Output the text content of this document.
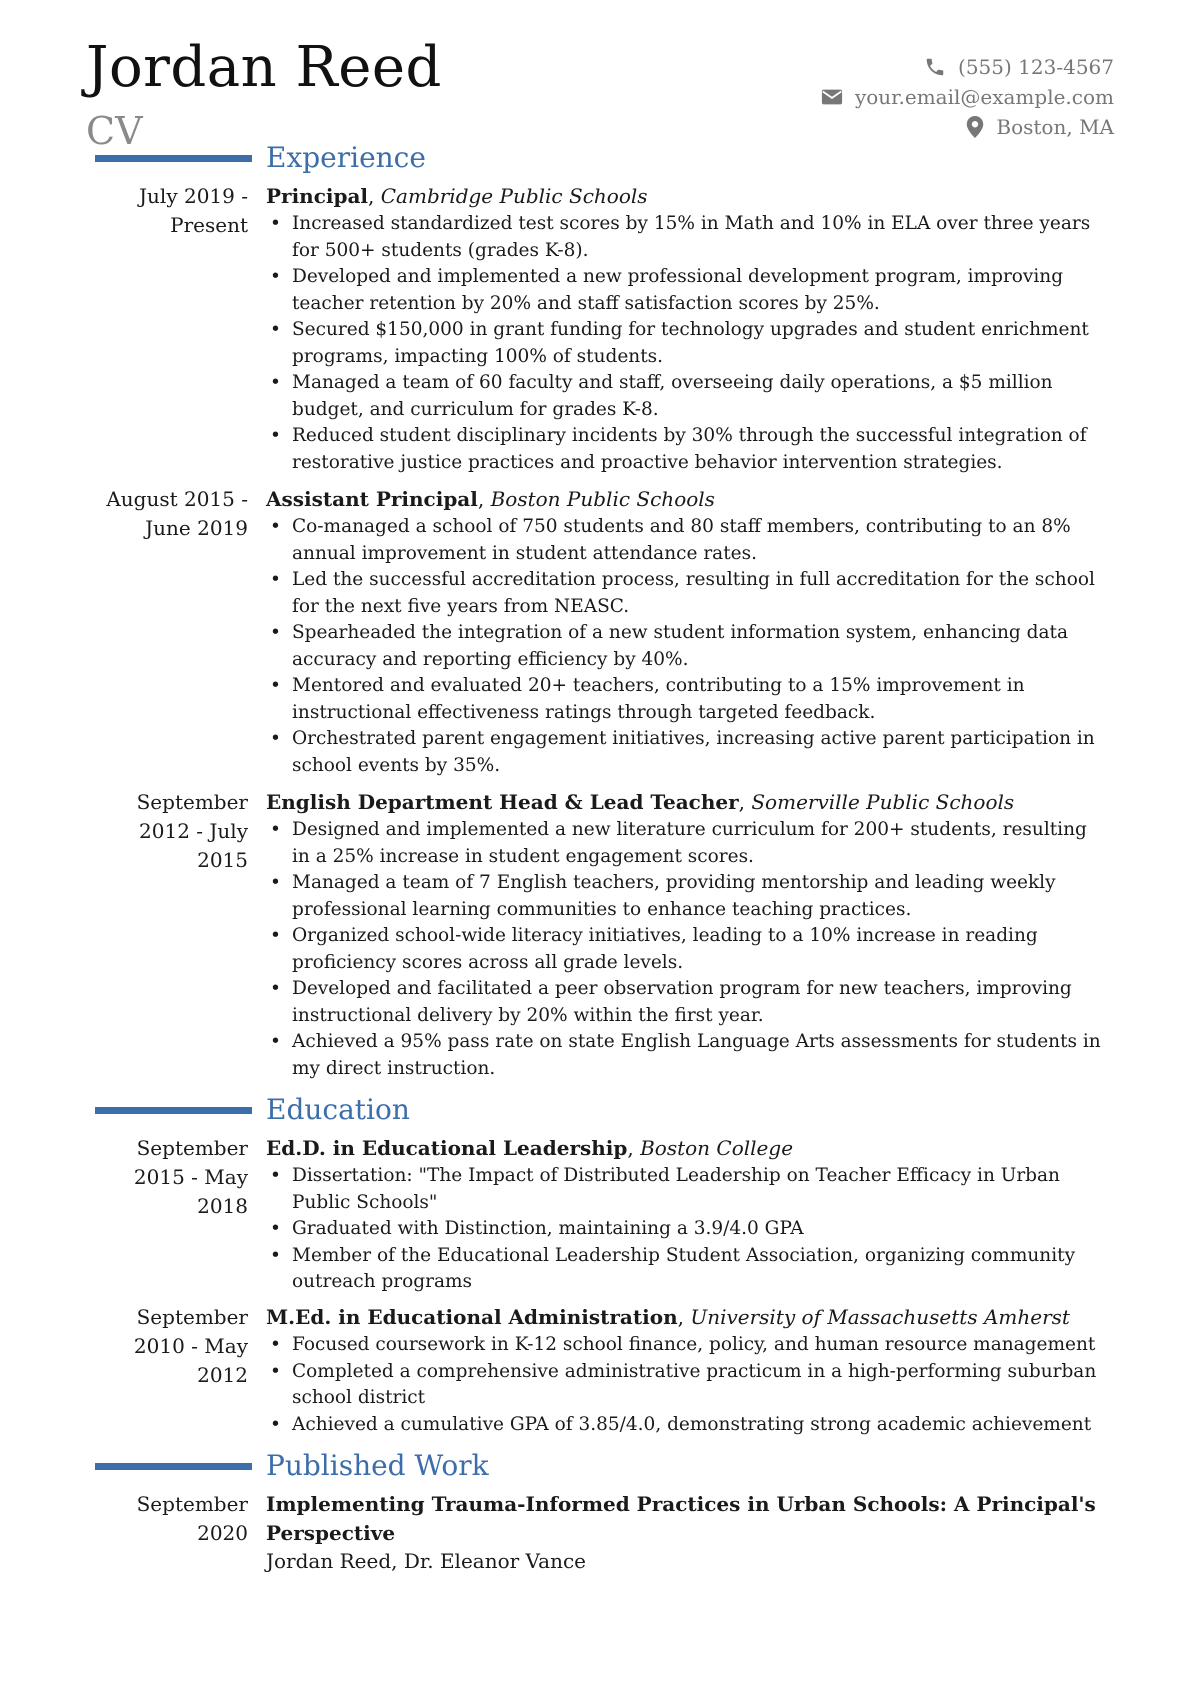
Jordan Reed
CV
(555) 123-4567
your.email@example.com
Boston, MA
Experience
July 2019 - Present
Principal, Cambridge Public Schools
• Increased standardized test scores by 15% in Math and 10% in ELA over three years for 500+ students (grades K-8).
• Developed and implemented a new professional development program, improving teacher retention by 20% and staff satisfaction scores by 25%.
• Secured $150,000 in grant funding for technology upgrades and student enrichment programs, impacting 100% of students.
• Managed a team of 60 faculty and staff, overseeing daily operations, a $5 million budget, and curriculum for grades K-8.
• Reduced student disciplinary incidents by 30% through the successful integration of restorative justice practices and proactive behavior intervention strategies.
August 2015 - June 2019
Assistant Principal, Boston Public Schools
• Co-managed a school of 750 students and 80 staff members, contributing to an 8% annual improvement in student attendance rates.
• Led the successful accreditation process, resulting in full accreditation for the school for the next five years from NEASC.
• Spearheaded the integration of a new student information system, enhancing data accuracy and reporting efficiency by 40%.
• Mentored and evaluated 20+ teachers, contributing to a 15% improvement in instructional effectiveness ratings through targeted feedback.
• Orchestrated parent engagement initiatives, increasing active parent participation in school events by 35%.
September 2012 - July 2015
English Department Head & Lead Teacher, Somerville Public Schools
• Designed and implemented a new literature curriculum for 200+ students, resulting in a 25% increase in student engagement scores.
• Managed a team of 7 English teachers, providing mentorship and leading weekly professional learning communities to enhance teaching practices.
• Organized school-wide literacy initiatives, leading to a 10% increase in reading proficiency scores across all grade levels.
• Developed and facilitated a peer observation program for new teachers, improving instructional delivery by 20% within the first year.
• Achieved a 95% pass rate on state English Language Arts assessments for students in my direct instruction.
Education
September 2015 - May 2018
Ed.D. in Educational Leadership, Boston College
• Dissertation: "The Impact of Distributed Leadership on Teacher Efficacy in Urban Public Schools"
• Graduated with Distinction, maintaining a 3.9/4.0 GPA
• Member of the Educational Leadership Student Association, organizing community outreach programs
September 2010 - May 2012
M.Ed. in Educational Administration, University of Massachusetts Amherst
• Focused coursework in K-12 school finance, policy, and human resource management
• Completed a comprehensive administrative practicum in a high-performing suburban school district
• Achieved a cumulative GPA of 3.85/4.0, demonstrating strong academic achievement
Published Work
September 2020
Implementing Trauma-Informed Practices in Urban Schools: A Principal's Perspective
Jordan Reed, Dr. Eleanor Vance
